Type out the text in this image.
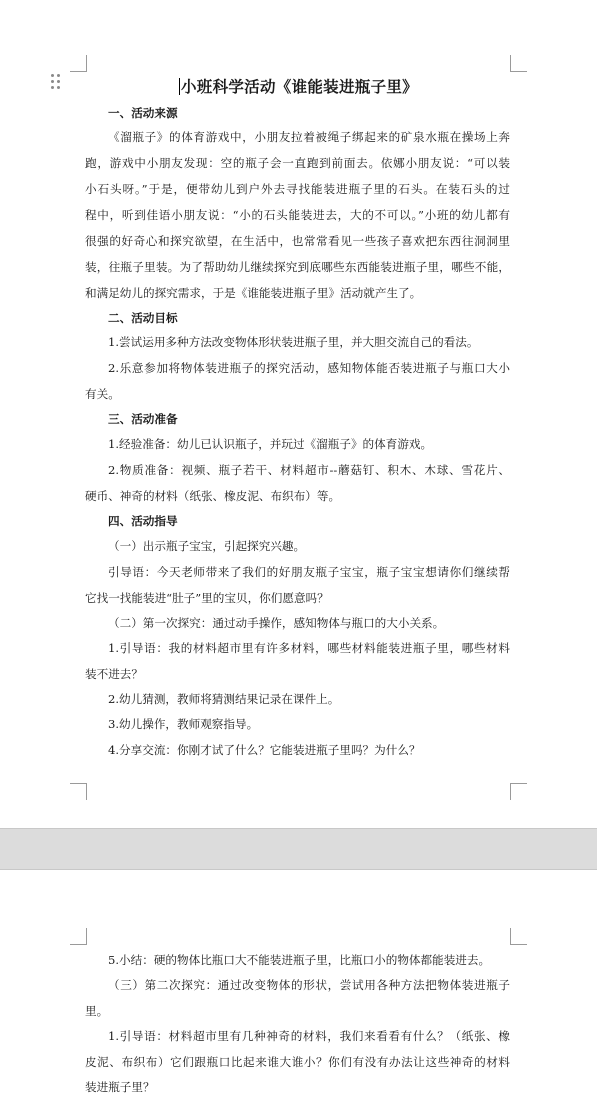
小班科学活动《谁能装进瓶子里》
一、活动来源
《溜瓶子》的体育游戏中，小朋友拉着被绳子绑起来的矿泉水瓶在操场上奔
跑，游戏中小朋友发现：空的瓶子会一直跑到前面去。依娜小朋友说：“可以装
小石头呀。”于是，便带幼儿到户外去寻找能装进瓶子里的石头。在装石头的过
程中，听到佳语小朋友说：“小的石头能装进去，大的不可以。”小班的幼儿都有
很强的好奇心和探究欲望，在生活中，也常常看见一些孩子喜欢把东西往洞洞里
装，往瓶子里装。为了帮助幼儿继续探究到底哪些东西能装进瓶子里，哪些不能，
和满足幼儿的探究需求，于是《谁能装进瓶子里》活动就产生了。
二、活动目标
1.尝试运用多种方法改变物体形状装进瓶子里，并大胆交流自己的看法。
2.乐意参加将物体装进瓶子的探究活动，感知物体能否装进瓶子与瓶口大小
有关。
三、活动准备
1.经验准备：幼儿已认识瓶子，并玩过《溜瓶子》的体育游戏。
2.物质准备：视频、瓶子若干、材料超市--蘑菇钉、积木、木球、雪花片、
硬币、神奇的材料（纸张、橡皮泥、布织布）等。
四、活动指导
（一）出示瓶子宝宝，引起探究兴趣。
引导语：今天老师带来了我们的好朋友瓶子宝宝，瓶子宝宝想请你们继续帮
它找一找能装进“肚子”里的宝贝，你们愿意吗？
（二）第一次探究：通过动手操作，感知物体与瓶口的大小关系。
1.引导语：我的材料超市里有许多材料，哪些材料能装进瓶子里，哪些材料
装不进去？
2.幼儿猜测，教师将猜测结果记录在课件上。
3.幼儿操作，教师观察指导。
4.分享交流：你刚才试了什么？它能装进瓶子里吗？为什么？
5.小结：硬的物体比瓶口大不能装进瓶子里，比瓶口小的物体都能装进去。
（三）第二次探究：通过改变物体的形状，尝试用各种方法把物体装进瓶子
里。
1.引导语：材料超市里有几种神奇的材料，我们来看看有什么？（纸张、橡
皮泥、布织布）它们跟瓶口比起来谁大谁小？你们有没有办法让这些神奇的材料
装进瓶子里？
